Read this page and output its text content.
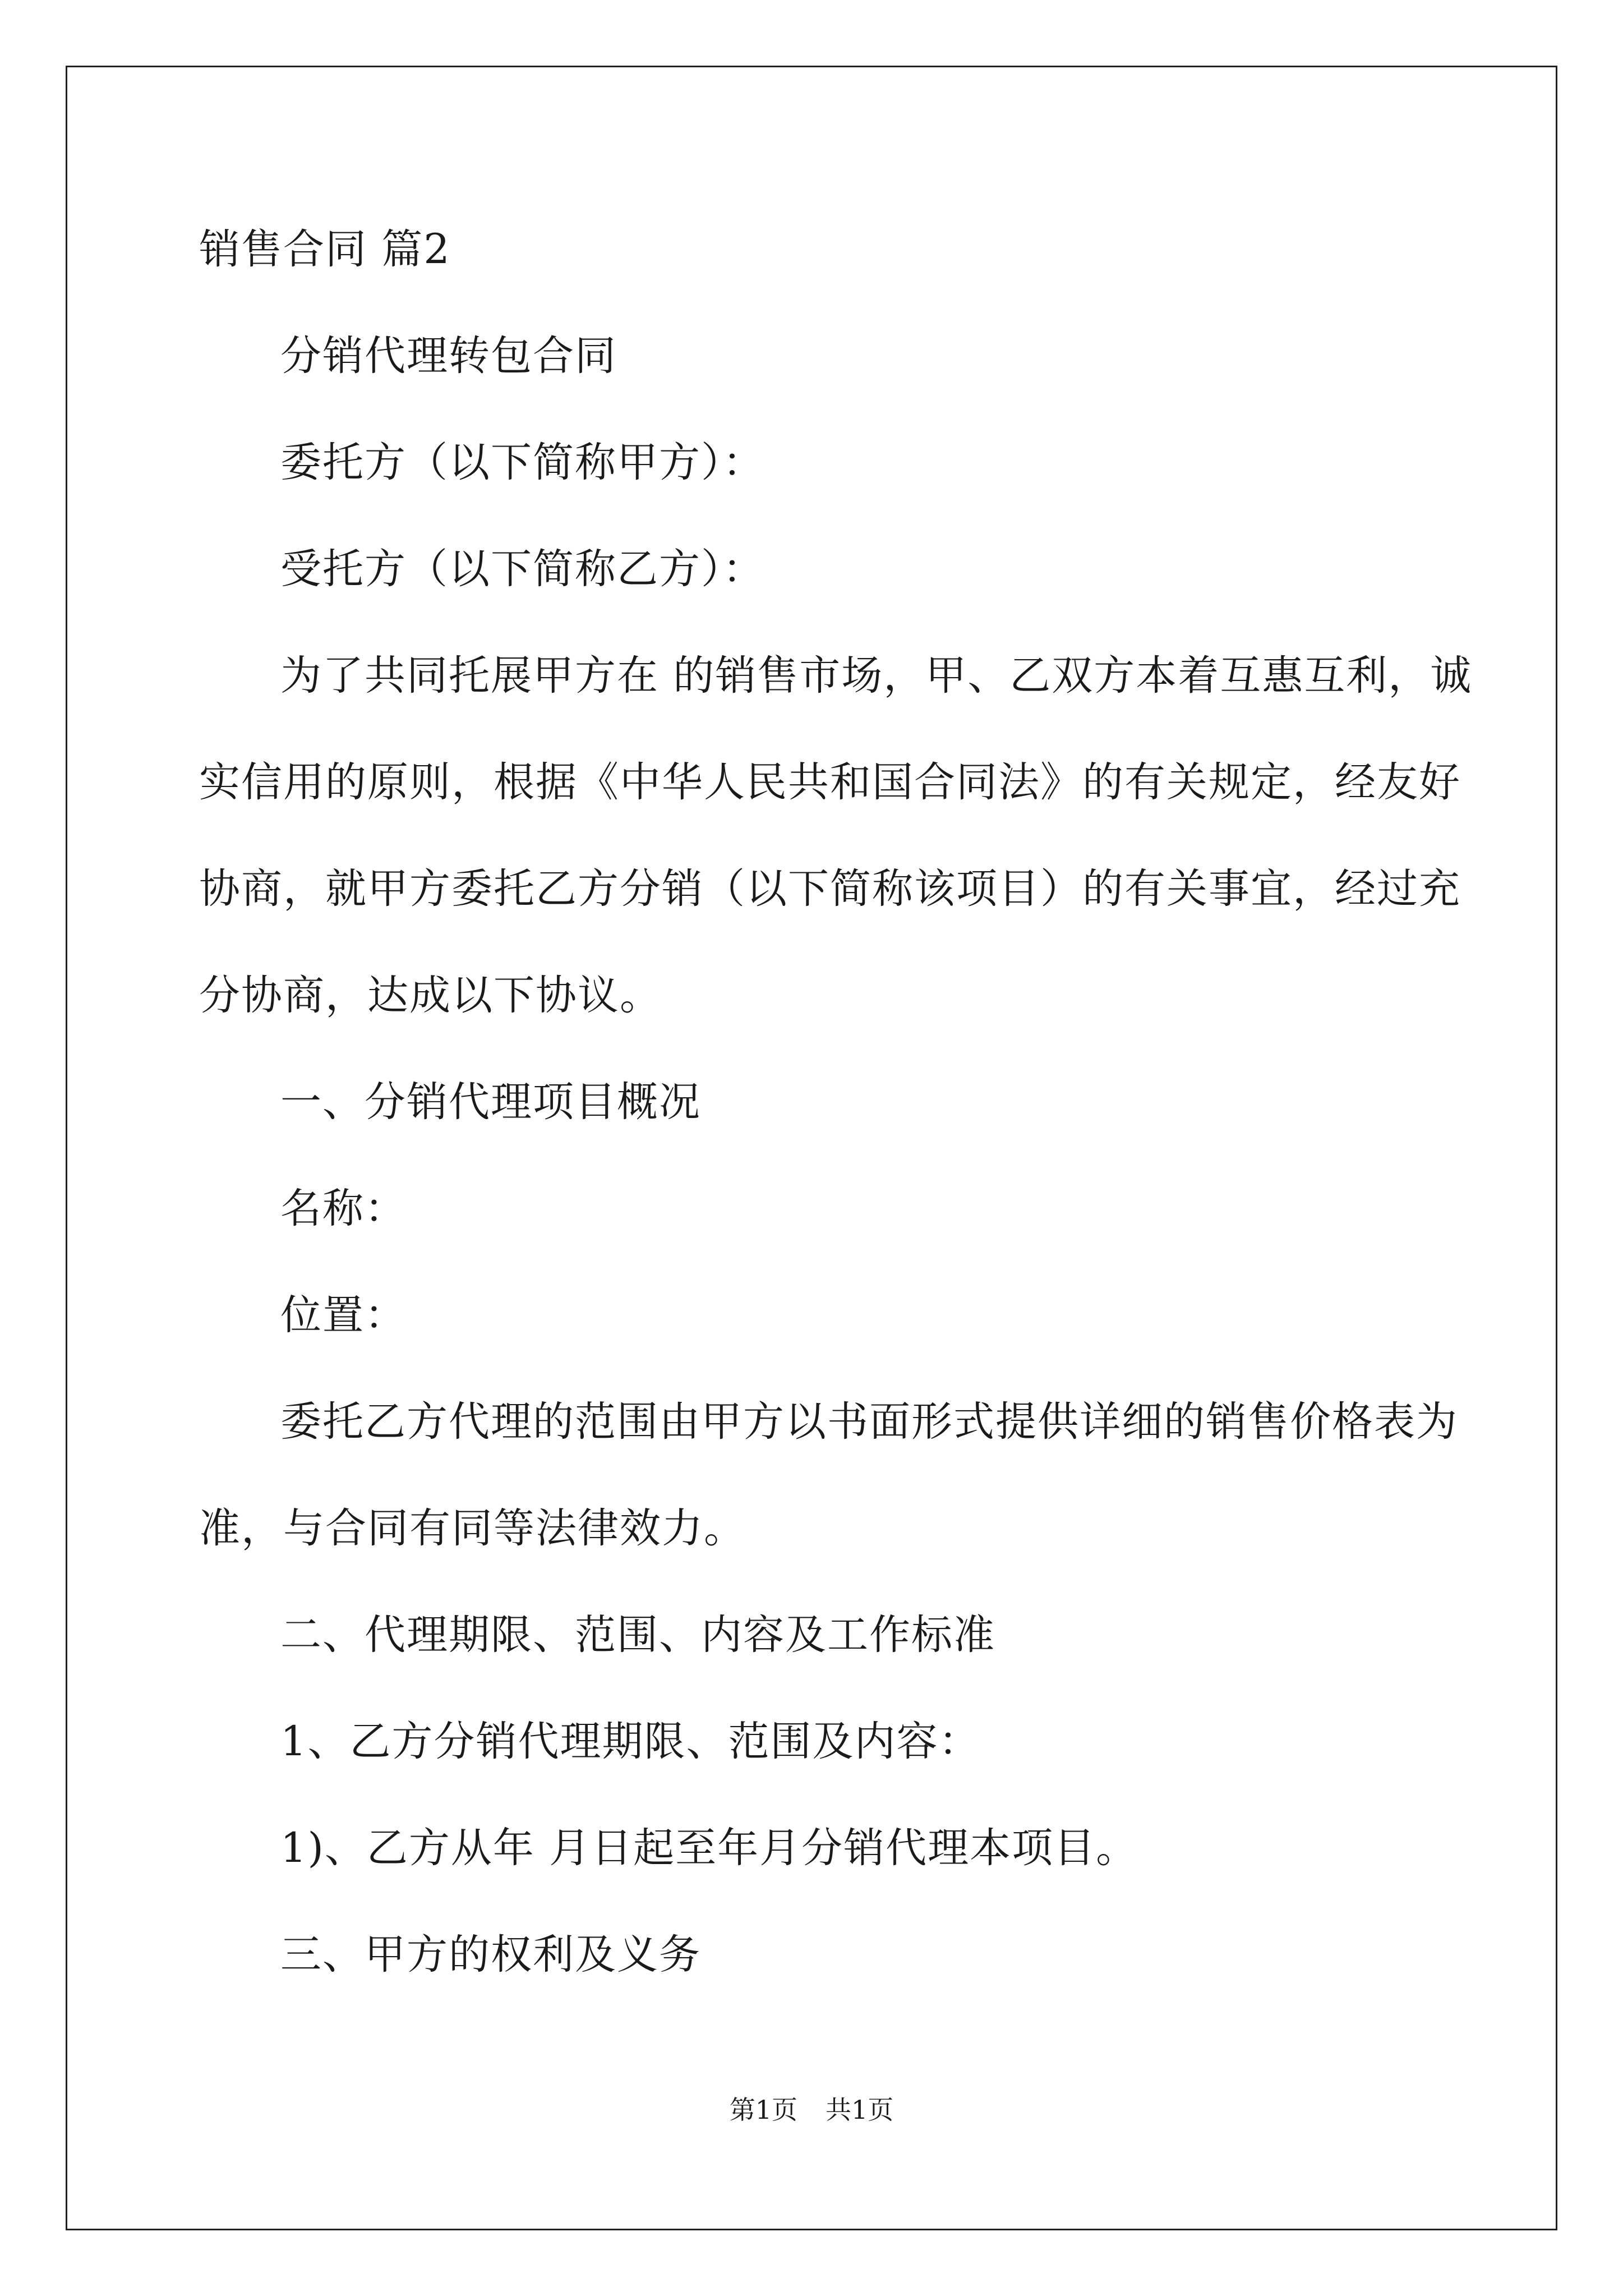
销售合同 篇2
分销代理转包合同
委托方（以下简称甲方）：
受托方（以下简称乙方）：
为了共同托展甲方在 的销售市场，甲、乙双方本着互惠互利，诚
实信用的原则，根据《中华人民共和国合同法》的有关规定，经友好
协商，就甲方委托乙方分销（以下简称该项目）的有关事宜，经过充
分协商，达成以下协议。
一、分销代理项目概况
名称：
位置：
委托乙方代理的范围由甲方以书面形式提供详细的销售价格表为
准，与合同有同等法律效力。
二、代理期限、范围、内容及工作标准
1、乙方分销代理期限、范围及内容：
1)、乙方从年 月日起至年月分销代理本项目。
三、甲方的权利及义务
第1页 共1页
